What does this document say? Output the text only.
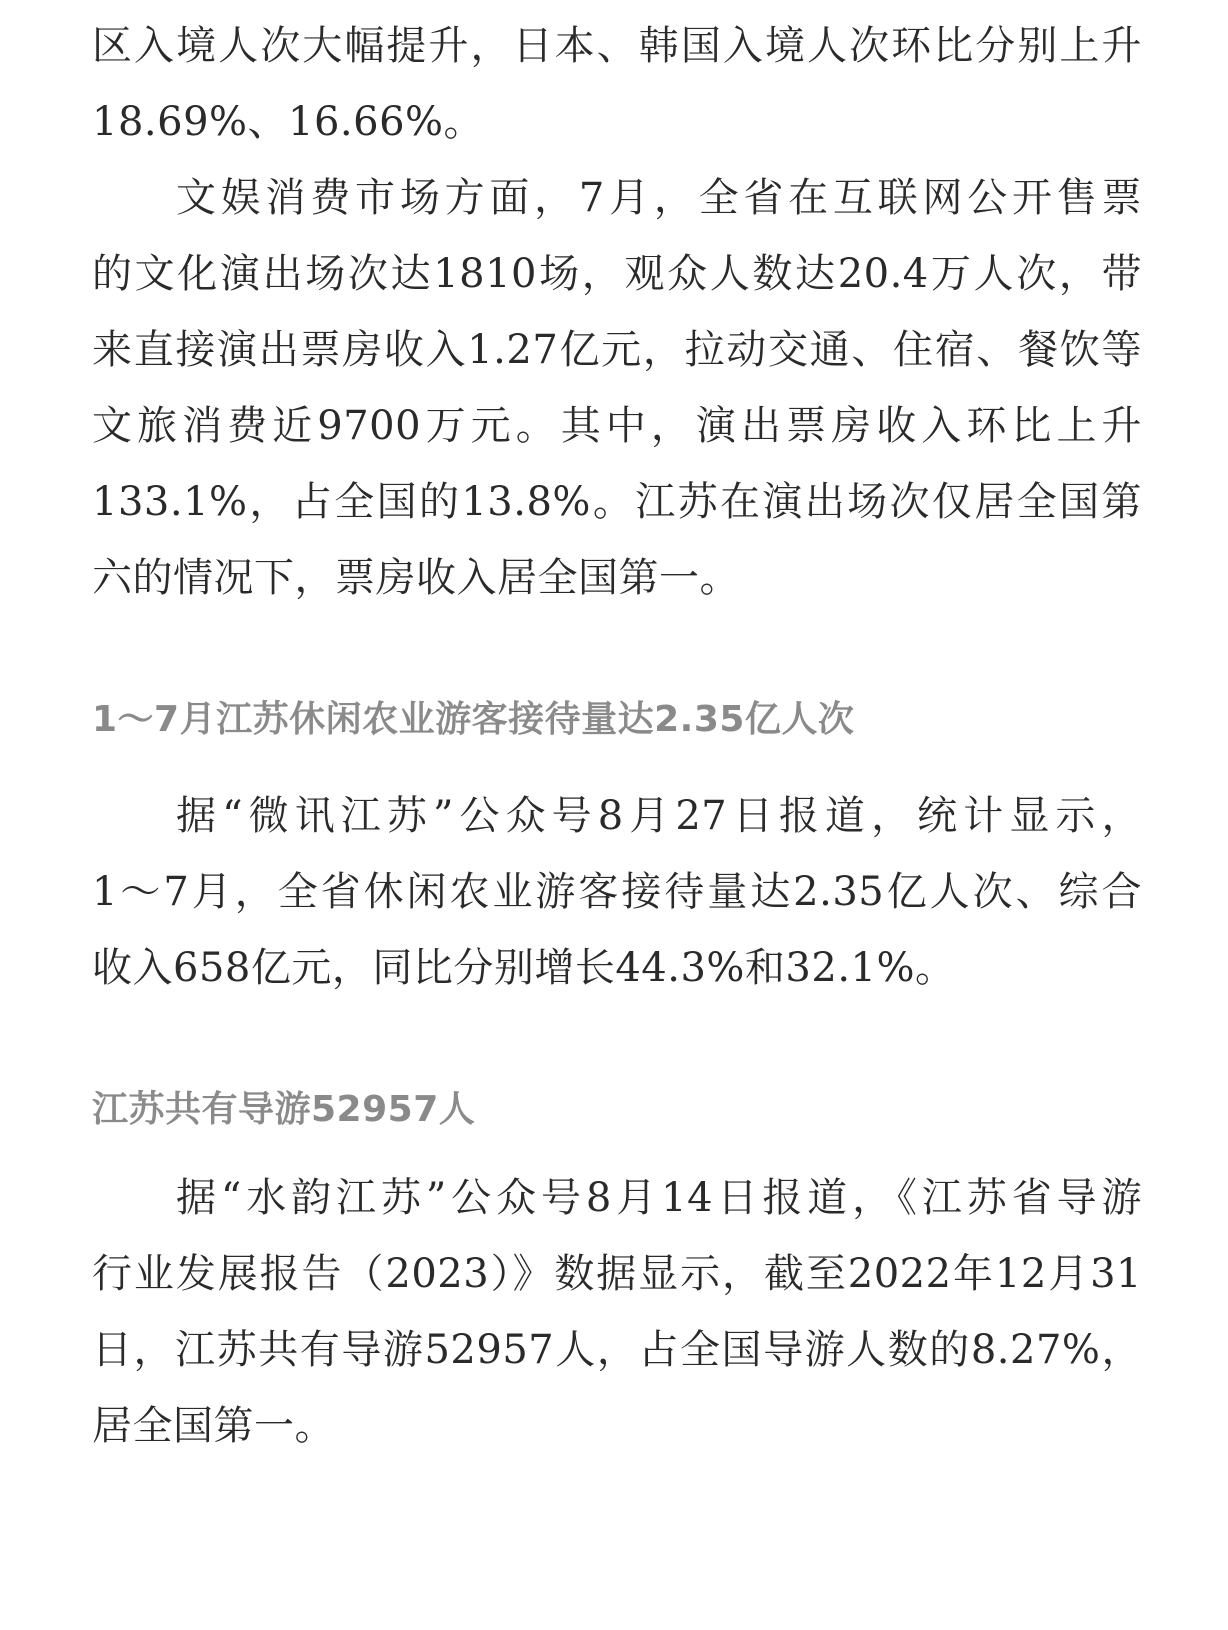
区入境人次大幅提升，日本、韩国入境人次环比分别上升
18.69%、16.66%。
文娱消费市场方面，7月，全省在互联网公开售票
的文化演出场次达1810场，观众人数达20.4万人次，带
来直接演出票房收入1.27亿元，拉动交通、住宿、餐饮等
文旅消费近9700万元。其中，演出票房收入环比上升
133.1%，占全国的13.8%。江苏在演出场次仅居全国第
六的情况下，票房收入居全国第一。
1～7月江苏休闲农业游客接待量达2.35亿人次
据“微讯江苏”公众号8月27日报道，统计显示，
1～7月，全省休闲农业游客接待量达2.35亿人次、综合
收入658亿元，同比分别增长44.3%和32.1%。
江苏共有导游52957人
据“水韵江苏”公众号8月14日报道，《江苏省导游
行业发展报告（2023）》数据显示，截至2022年12月31
日，江苏共有导游52957人，占全国导游人数的8.27%，
居全国第一。
